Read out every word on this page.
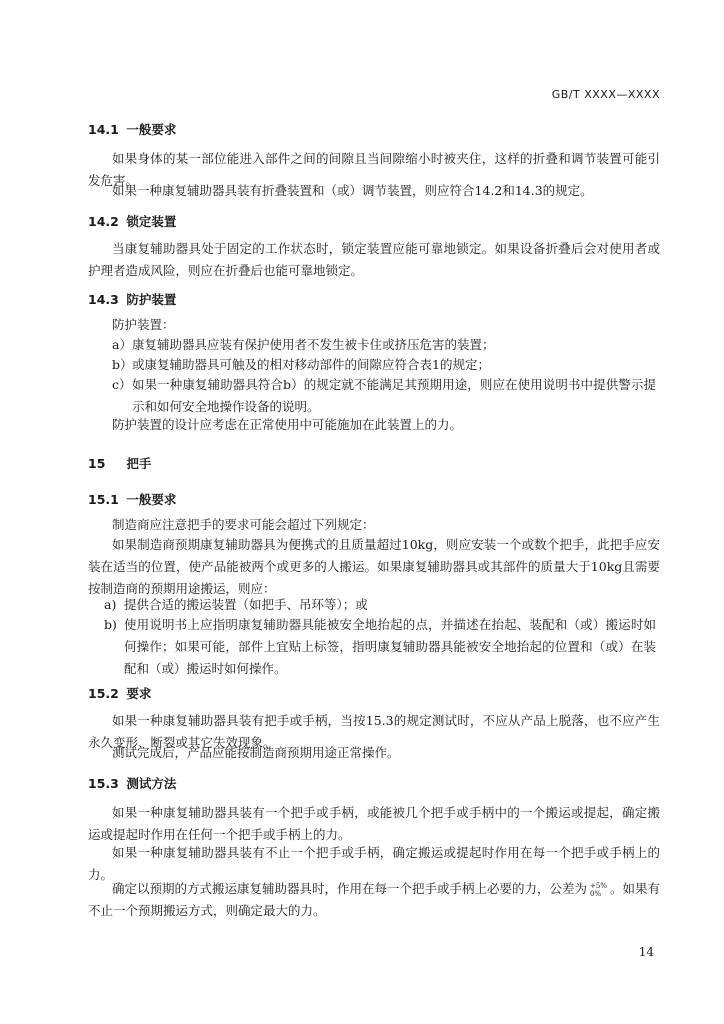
GB/T XXXX—XXXX
14.1 一般要求
如果身体的某一部位能进入部件之间的间隙且当间隙缩小时被夹住，这样的折叠和调节装置可能引发危害。
如果一种康复辅助器具装有折叠装置和（或）调节装置，则应符合14.2和14.3的规定。
14.2 锁定装置
当康复辅助器具处于固定的工作状态时，锁定装置应能可靠地锁定。如果设备折叠后会对使用者或护理者造成风险，则应在折叠后也能可靠地锁定。
14.3 防护装置
防护装置：
a） 康复辅助器具应装有保护使用者不发生被卡住或挤压危害的装置；
b） 或康复辅助器具可触及的相对移动部件的间隙应符合表1的规定；
c） 如果一种康复辅助器具符合b）的规定就不能满足其预期用途，则应在使用说明书中提供警示提示和如何安全地操作设备的说明。
防护装置的设计应考虑在正常使用中可能施加在此装置上的力。
15 把手
15.1 一般要求
制造商应注意把手的要求可能会超过下列规定：
如果制造商预期康复辅助器具为便携式的且质量超过10kg，则应安装一个或数个把手，此把手应安装在适当的位置，使产品能被两个或更多的人搬运。如果康复辅助器具或其部件的质量大于10kg且需要按制造商的预期用途搬运，则应：
a) 提供合适的搬运装置（如把手、吊环等）；或
b) 使用说明书上应指明康复辅助器具能被安全地抬起的点，并描述在抬起、装配和（或）搬运时如何操作；如果可能，部件上宜贴上标签，指明康复辅助器具能被安全地抬起的位置和（或）在装配和（或）搬运时如何操作。
15.2 要求
如果一种康复辅助器具装有把手或手柄，当按15.3的规定测试时，不应从产品上脱落，也不应产生永久变形、断裂或其它失效现象。
测试完成后，产品应能按制造商预期用途正常操作。
15.3 测试方法
如果一种康复辅助器具装有一个把手或手柄，或能被几个把手或手柄中的一个搬运或提起，确定搬运或提起时作用在任何一个把手或手柄上的力。
如果一种康复辅助器具装有不止一个把手或手柄，确定搬运或提起时作用在每一个把手或手柄上的力。
确定以预期的方式搬运康复辅助器具时，作用在每一个把手或手柄上必要的力，公差为 +5%
0% 。如果有不止一个预期搬运方式，则确定最大的力。
14
